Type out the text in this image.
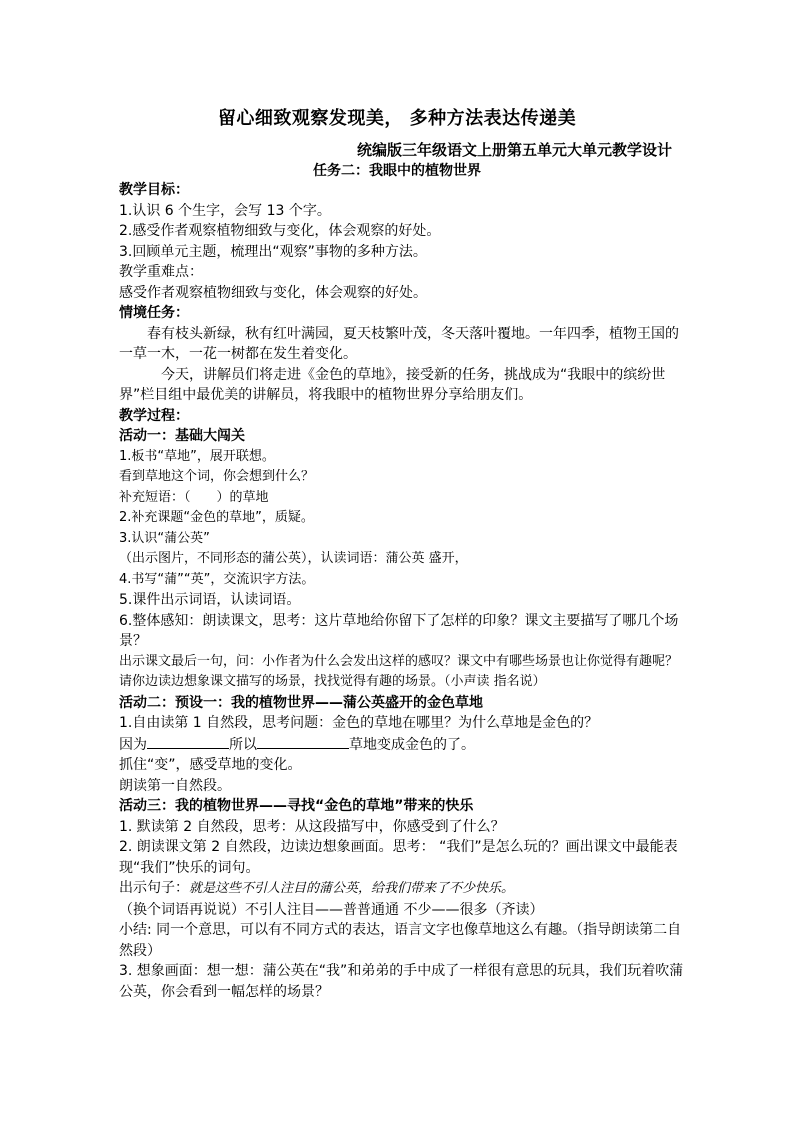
留心细致观察发现美， 多种方法表达传递美
统编版三年级语文上册第五单元大单元教学设计
任务二：我眼中的植物世界

教学目标：

1.认识 6 个生字，会写 13 个字。

2.感受作者观察植物细致与变化，体会观察的好处。

3.回顾单元主题，梳理出“观察”事物的多种方法。

教学重难点：

感受作者观察植物细致与变化，体会观察的好处。

情境任务：

春有枝头新绿，秋有红叶满园，夏天枝繁叶茂，冬天落叶覆地。一年四季，植物王国的一草一木，一花一树都在发生着变化。

今天，讲解员们将走进《金色的草地》，接受新的任务，挑战成为“我眼中的缤纷世界”栏目组中最优美的讲解员，将我眼中的植物世界分享给朋友们。

教学过程：

活动一：基础大闯关

1.板书“草地”，展开联想。

看到草地这个词，你会想到什么？

补充短语：（　　）的草地

2.补充课题“金色的草地”，质疑。

3.认识“蒲公英”

（出示图片，不同形态的蒲公英），认读词语：蒲公英 盛开，

4.书写“蒲”“英”，交流识字方法。

5.课件出示词语，认读词语。

6.整体感知：朗读课文，思考：这片草地给你留下了怎样的印象？课文主要描写了哪几个场景？

出示课文最后一句，问：小作者为什么会发出这样的感叹？课文中有哪些场景也让你觉得有趣呢？请你边读边想象课文描写的场景，找找觉得有趣的场景。（小声读 指名说）

活动二：预设一：我的植物世界——蒲公英盛开的金色草地

1.自由读第 1 自然段，思考问题：金色的草地在哪里？为什么草地是金色的？

因为	所以	草地变成金色的了。

抓住“变”，感受草地的变化。

朗读第一自然段。

活动三：我的植物世界——寻找“金色的草地”带来的快乐

1. 默读第 2 自然段，思考：从这段描写中，你感受到了什么？

2. 朗读课文第 2 自然段，边读边想象画面。思考： “我们”是怎么玩的？画出课文中最能表现“我们”快乐的词句。

出示句子：就是这些不引人注目的蒲公英，给我们带来了不少快乐。

（换个词语再说说）不引人注目——普普通通 不少——很多（齐读）

小结: 同一个意思，可以有不同方式的表达，语言文字也像草地这么有趣。（指导朗读第二自然段）

3. 想象画面：想一想：蒲公英在“我”和弟弟的手中成了一样很有意思的玩具，我们玩着吹蒲公英，你会看到一幅怎样的场景？
